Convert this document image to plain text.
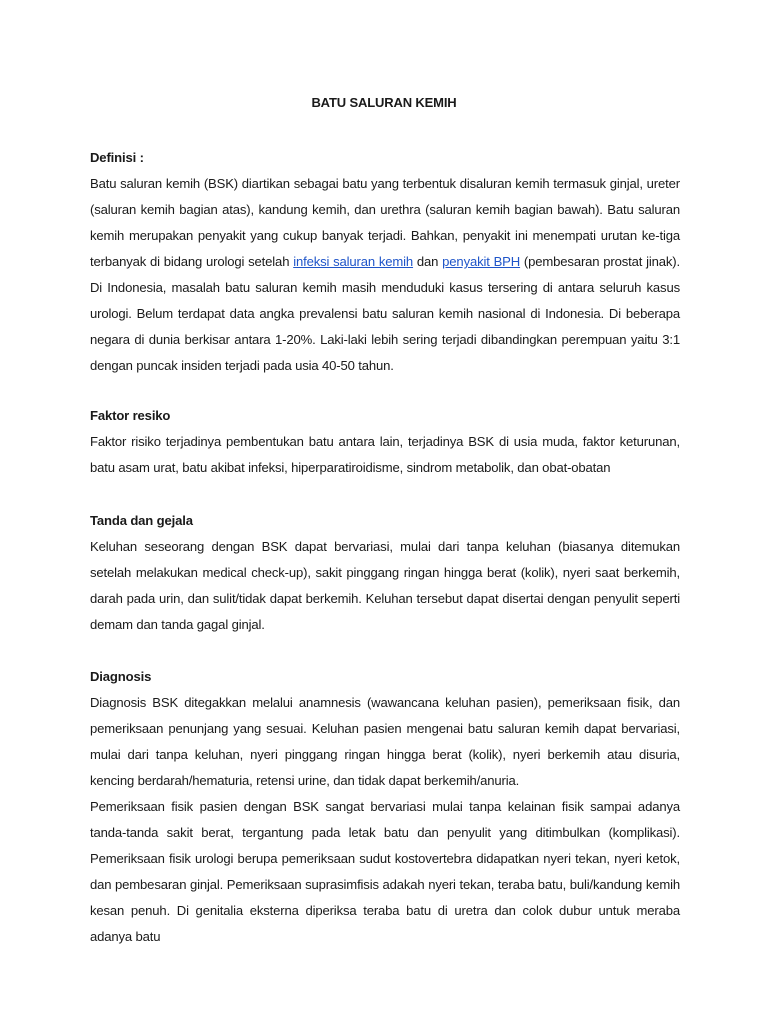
BATU SALURAN KEMIH

Definisi :

Batu saluran kemih (BSK) diartikan sebagai batu yang terbentuk disaluran kemih termasuk ginjal, ureter (saluran kemih bagian atas), kandung kemih, dan urethra (saluran kemih bagian bawah). Batu saluran kemih merupakan penyakit yang cukup banyak terjadi. Bahkan, penyakit ini menempati urutan ke-tiga terbanyak di bidang urologi setelah infeksi saluran kemih dan penyakit BPH (pembesaran prostat jinak). Di Indonesia, masalah batu saluran kemih masih menduduki kasus tersering di antara seluruh kasus urologi. Belum terdapat data angka prevalensi batu saluran kemih nasional di Indonesia. Di beberapa negara di dunia berkisar antara 1-20%. Laki-laki lebih sering terjadi dibandingkan perempuan yaitu 3:1 dengan puncak insiden terjadi pada usia 40-50 tahun.

Faktor resiko

Faktor risiko terjadinya pembentukan batu antara lain, terjadinya BSK di usia muda, faktor keturunan, batu asam urat, batu akibat infeksi, hiperparatiroidisme, sindrom metabolik, dan obat-obatan

Tanda dan gejala

Keluhan seseorang dengan BSK dapat bervariasi, mulai dari tanpa keluhan (biasanya ditemukan setelah melakukan medical check-up), sakit pinggang ringan hingga berat (kolik), nyeri saat berkemih, darah pada urin, dan sulit/tidak dapat berkemih. Keluhan tersebut dapat disertai dengan penyulit seperti demam dan tanda gagal ginjal.

Diagnosis

Diagnosis BSK ditegakkan melalui anamnesis (wawancana keluhan pasien), pemeriksaan fisik, dan pemeriksaan penunjang yang sesuai. Keluhan pasien mengenai batu saluran kemih dapat bervariasi, mulai dari tanpa keluhan, nyeri pinggang ringan hingga berat (kolik), nyeri berkemih atau disuria, kencing berdarah/hematuria, retensi urine, dan tidak dapat berkemih/anuria.

Pemeriksaan fisik pasien dengan BSK sangat bervariasi mulai tanpa kelainan fisik sampai adanya tanda-tanda sakit berat, tergantung pada letak batu dan penyulit yang ditimbulkan (komplikasi). Pemeriksaan fisik urologi berupa pemeriksaan sudut kostovertebra didapatkan nyeri tekan, nyeri ketok, dan pembesaran ginjal. Pemeriksaan suprasimfisis adakah nyeri tekan, teraba batu, buli/kandung kemih kesan penuh. Di genitalia eksterna diperiksa teraba batu di uretra dan colok dubur untuk meraba adanya batu
